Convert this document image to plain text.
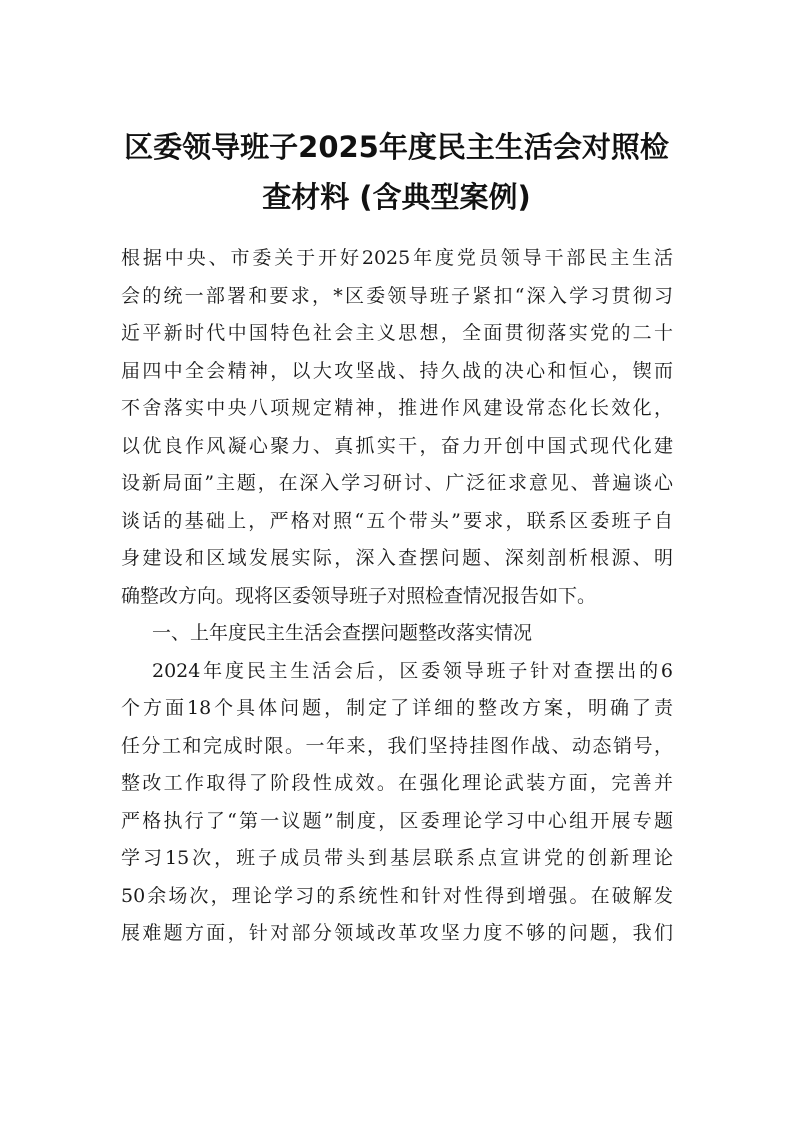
区委领导班子2025年度民主生活会对照检
查材料 (含典型案例)
根据中央、市委关于开好2025年度党员领导干部民主生活
会的统一部署和要求，*区委领导班子紧扣“深入学习贯彻习
近平新时代中国特色社会主义思想，全面贯彻落实党的二十
届四中全会精神，以大攻坚战、持久战的决心和恒心，锲而
不舍落实中央八项规定精神，推进作风建设常态化长效化，
以优良作风凝心聚力、真抓实干，奋力开创中国式现代化建
设新局面”主题，在深入学习研讨、广泛征求意见、普遍谈心
谈话的基础上，严格对照“五个带头”要求，联系区委班子自
身建设和区域发展实际，深入查摆问题、深刻剖析根源、明
确整改方向。现将区委领导班子对照检查情况报告如下。
一、上年度民主生活会查摆问题整改落实情况
2024年度民主生活会后，区委领导班子针对查摆出的6
个方面18个具体问题，制定了详细的整改方案，明确了责
任分工和完成时限。一年来，我们坚持挂图作战、动态销号，
整改工作取得了阶段性成效。在强化理论武装方面，完善并
严格执行了“第一议题”制度，区委理论学习中心组开展专题
学习15次，班子成员带头到基层联系点宣讲党的创新理论
50余场次，理论学习的系统性和针对性得到增强。在破解发
展难题方面，针对部分领域改革攻坚力度不够的问题，我们
